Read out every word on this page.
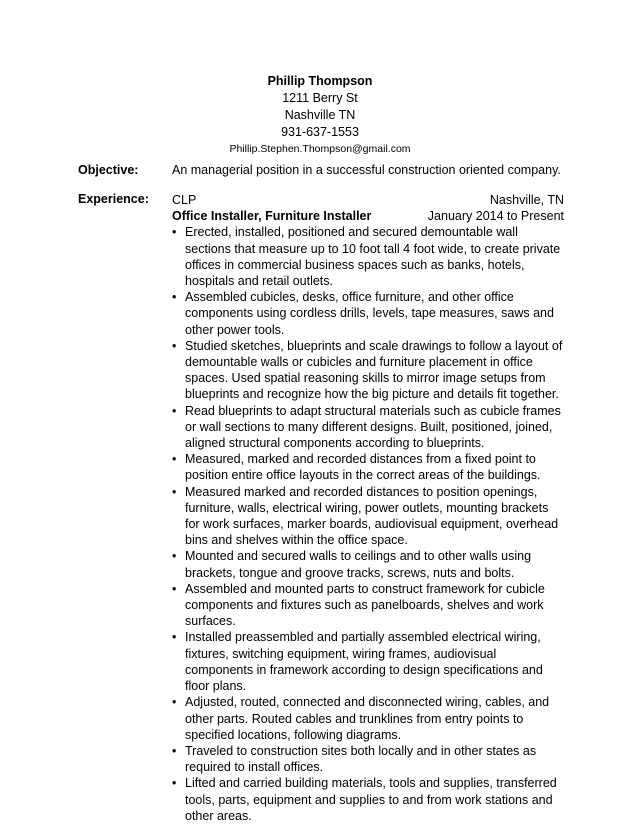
Phillip Thompson
1211 Berry St
Nashville TN
931-637-1553
Phillip.Stephen.Thompson@gmail.com
Objective:	An managerial position in a successful construction oriented company.
Experience: CLP	Nashville, TN
Office Installer, Furniture Installer	January 2014 to Present
• Erected, installed, positioned and secured demountable wall sections that measure up to 10 foot tall 4 foot wide, to create private offices in commercial business spaces such as banks, hotels, hospitals and retail outlets.
• Assembled cubicles, desks, office furniture, and other office components using cordless drills, levels, tape measures, saws and other power tools.
• Studied sketches, blueprints and scale drawings to follow a layout of demountable walls or cubicles and furniture placement in office spaces. Used spatial reasoning skills to mirror image setups from blueprints and recognize how the big picture and details fit together.
• Read blueprints to adapt structural materials such as cubicle frames or wall sections to many different designs. Built, positioned, joined, aligned structural components according to blueprints.
• Measured, marked and recorded distances from a fixed point to position entire office layouts in the correct areas of the buildings.
• Measured marked and recorded distances to position openings, furniture, walls, electrical wiring, power outlets, mounting brackets for work surfaces, marker boards, audiovisual equipment, overhead bins and shelves within the office space.
• Mounted and secured walls to ceilings and to other walls using brackets, tongue and groove tracks, screws, nuts and bolts.
• Assembled and mounted parts to construct framework for cubicle components and fixtures such as panelboards, shelves and work surfaces.
• Installed preassembled and partially assembled electrical wiring, fixtures, switching equipment, wiring frames, audiovisual components in framework according to design specifications and floor plans.
• Adjusted, routed, connected and disconnected wiring, cables, and other parts. Routed cables and trunklines from entry points to specified locations, following diagrams.
• Traveled to construction sites both locally and in other states as required to install offices.
• Lifted and carried building materials, tools and supplies, transferred tools, parts, equipment and supplies to and from work stations and other areas.
